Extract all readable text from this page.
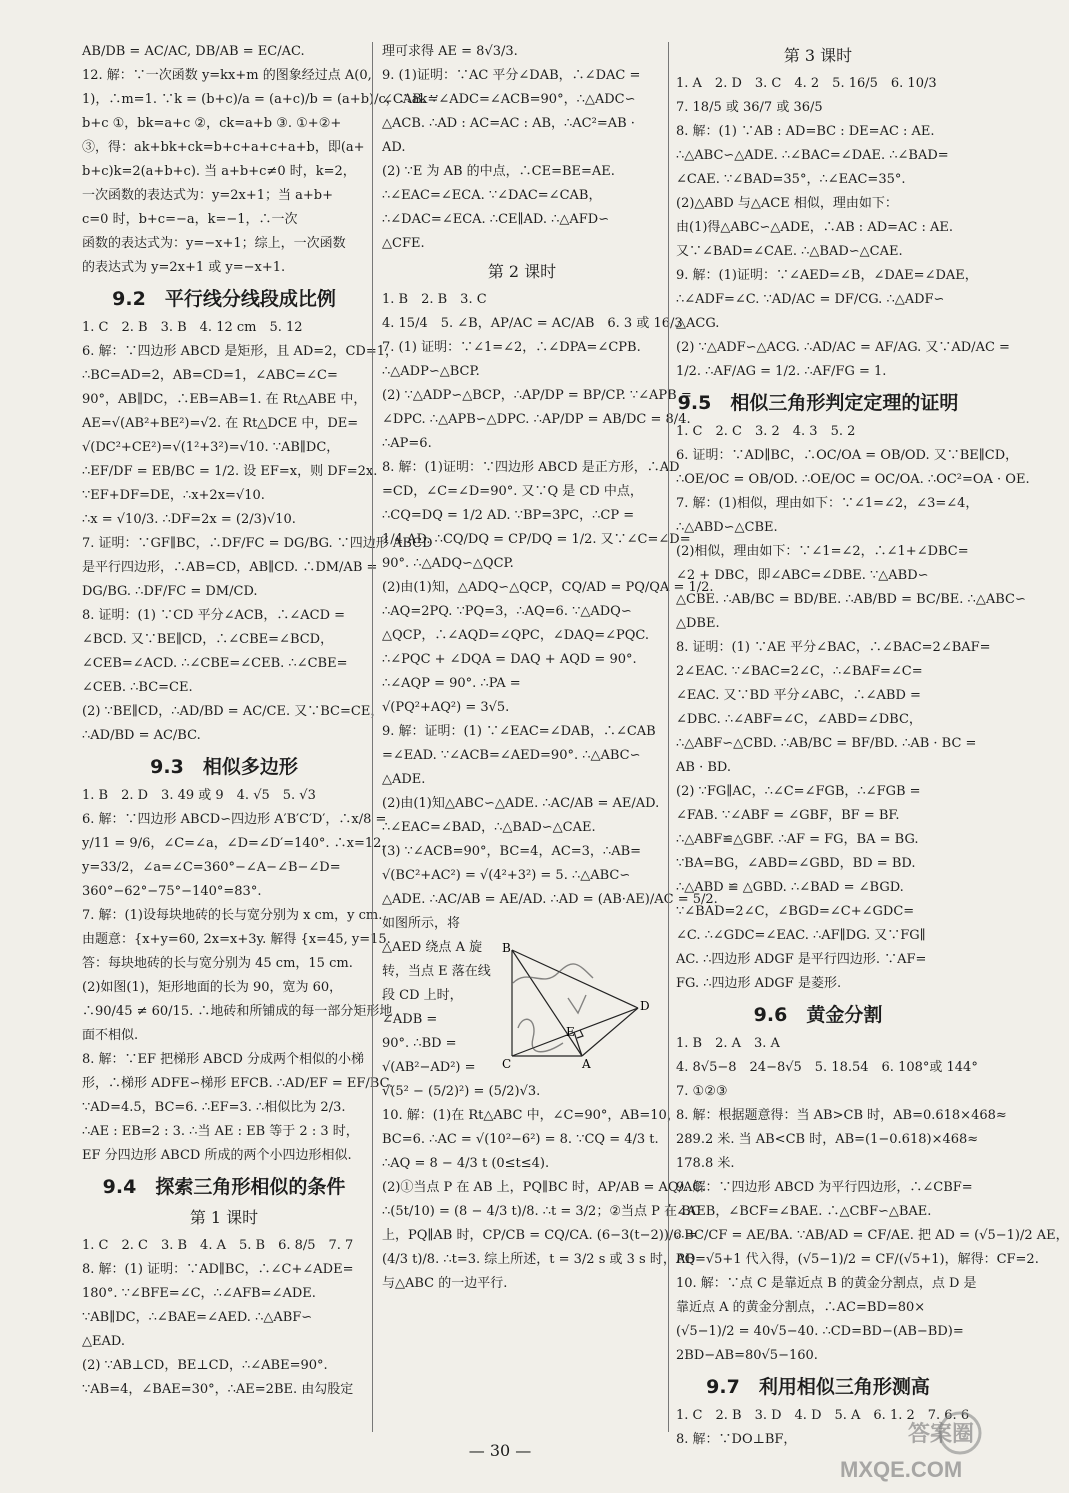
AB/DB = AC/AC, DB/AB = EC/AC.
12. 解：∵一次函数 y=kx+m 的图象经过点 A(0,
1)，∴m=1. ∵k = (b+c)/a = (a+c)/b = (a+b)/c，∴ak=
b+c ①，bk=a+c ②，ck=a+b ③. ①+②+
③，得：ak+bk+ck=b+c+a+c+a+b，即(a+
b+c)k=2(a+b+c). 当 a+b+c≠0 时，k=2，
一次函数的表达式为：y=2x+1；当 a+b+
c=0 时，b+c=−a，k=−1，∴一次
函数的表达式为：y=−x+1；综上，一次函数
的表达式为 y=2x+1 或 y=−x+1.
9.2　平行线分线段成比例
1. C　2. B　3. B　4. 12 cm　5. 12
6. 解：∵四边形 ABCD 是矩形，且 AD=2，CD=1，
∴BC=AD=2，AB=CD=1，∠ABC=∠C=
90°，AB∥DC，∴EB=AB=1. 在 Rt△ABE 中，
AE=√(AB²+BE²)=√2. 在 Rt△DCE 中，DE=
√(DC²+CE²)=√(1²+3²)=√10. ∵AB∥DC，
∴EF/DF = EB/BC = 1/2. 设 EF=x，则 DF=2x.
∵EF+DF=DE，∴x+2x=√10.
∴x = √10/3. ∴DF=2x = (2/3)√10.
7. 证明：∵GF∥BC，∴DF/FC = DG/BG. ∵四边形 ABCD
是平行四边形，∴AB=CD，AB∥CD. ∴DM/AB =
DG/BG. ∴DF/FC = DM/CD.
8. 证明：(1) ∵CD 平分∠ACB，∴∠ACD =
∠BCD. 又∵BE∥CD，∴∠CBE=∠BCD，
∠CEB=∠ACD. ∴∠CBE=∠CEB. ∴∠CBE=
∠CEB. ∴BC=CE.
(2) ∵BE∥CD，∴AD/BD = AC/CE. 又∵BC=CE，
∴AD/BD = AC/BC.
9.3　相似多边形
1. B　2. D　3. 49 或 9　4. √5　5. √3
6. 解：∵四边形 ABCD∽四边形 A′B′C′D′，∴x/8 =
y/11 = 9/6，∠C=∠a，∠D=∠D′=140°. ∴x=12，
y=33/2，∠a=∠C=360°−∠A−∠B−∠D=
360°−62°−75°−140°=83°.
7. 解：(1)设每块地砖的长与宽分别为 x cm，y cm.
由题意：{x+y=60, 2x=x+3y. 解得 {x=45, y=15.
答：每块地砖的长与宽分别为 45 cm，15 cm.
(2)如图(1)，矩形地面的长为 90，宽为 60，
∴90/45 ≠ 60/15. ∴地砖和所铺成的每一部分矩形地
面不相似.
8. 解：∵EF 把梯形 ABCD 分成两个相似的小梯
形，∴梯形 ADFE∽梯形 EFCB. ∴AD/EF = EF/BC.
∵AD=4.5，BC=6. ∴EF=3. ∴相似比为 2/3.
∴AE : EB=2 : 3. ∴当 AE : EB 等于 2 : 3 时，
EF 分四边形 ABCD 所成的两个小四边形相似.
9.4　探索三角形相似的条件
第 1 课时
1. C　2. C　3. B　4. A　5. B　6. 8/5　7. 7
8. 解：(1) 证明：∵AD∥BC，∴∠C+∠ADE=
180°. ∵∠BFE=∠C，∴∠AFB=∠ADE.
∵AB∥DC，∴∠BAE=∠AED. ∴△ABF∽
△EAD.
(2) ∵AB⊥CD，BE⊥CD，∴∠ABE=90°.
∵AB=4，∠BAE=30°，∴AE=2BE. 由勾股定
理可求得 AE = 8√3/3.
9. (1)证明：∵AC 平分∠DAB，∴∠DAC =
∠CAB. ∵∠ADC=∠ACB=90°，∴△ADC∽
△ACB. ∴AD : AC=AC : AB，∴AC²=AB ·
AD.
(2) ∵E 为 AB 的中点，∴CE=BE=AE.
∴∠EAC=∠ECA. ∵∠DAC=∠CAB，
∴∠DAC=∠ECA. ∴CE∥AD. ∴△AFD∽
△CFE.
第 2 课时
1. B　2. B　3. C
4. 15/4　5. ∠B，AP/AC = AC/AB　6. 3 或 16/3
7. (1) 证明：∵∠1=∠2，∴∠DPA=∠CPB.
∴△ADP∽△BCP.
(2) ∵△ADP∽△BCP，∴AP/DP = BP/CP. ∵∠APB =
∠DPC. ∴△APB∽△DPC. ∴AP/DP = AB/DC = 8/4.
∴AP=6.
8. 解：(1)证明：∵四边形 ABCD 是正方形，∴AD
=CD，∠C=∠D=90°. 又∵Q 是 CD 中点，
∴CQ=DQ = 1/2 AD. ∵BP=3PC，∴CP =
1/4 AD. ∴CQ/DQ = CP/DQ = 1/2. 又∵∠C=∠D=
90°. ∴△ADQ∽△QCP.
(2)由(1)知，△ADQ∽△QCP，CQ/AD = PQ/QA = 1/2.
∴AQ=2PQ. ∵PQ=3，∴AQ=6. ∵△ADQ∽
△QCP，∴∠AQD=∠QPC，∠DAQ=∠PQC.
∴∠PQC + ∠DQA = DAQ + AQD = 90°.
∴∠AQP = 90°. ∴PA =
√(PQ²+AQ²) = 3√5.
9. 解：证明：(1) ∵∠EAC=∠DAB，∴∠CAB
=∠EAD. ∵∠ACB=∠AED=90°. ∴△ABC∽
△ADE.
(2)由(1)知△ABC∽△ADE. ∴AC/AB = AE/AD.
∴∠EAC=∠BAD，∴△BAD∽△CAE.
(3) ∵∠ACB=90°，BC=4，AC=3，∴AB=
√(BC²+AC²) = √(4²+3²) = 5. ∴△ABC∽
△ADE. ∴AC/AB = AE/AD. ∴AD = (AB·AE)/AC = 5/2.
如图所示，将
△AED 绕点 A 旋
转，当点 E 落在线
段 CD 上时，
∠ADB =
90°. ∴BD =
√(AB²−AD²) =
√(5² − (5/2)²) = (5/2)√3.
10. 解：(1)在 Rt△ABC 中，∠C=90°，AB=10，
BC=6. ∴AC = √(10²−6²) = 8. ∵CQ = 4/3 t.
∴AQ = 8 − 4/3 t (0≤t≤4).
(2)①当点 P 在 AB 上，PQ∥BC 时，AP/AB = AQ/AC.
∴(5t/10) = (8 − 4/3 t)/8. ∴t = 3/2；②当点 P 在 BC
上，PQ∥AB 时，CP/CB = CQ/CA. (6−3(t−2))/6 =
(4/3 t)/8. ∴t=3. 综上所述，t = 3/2 s 或 3 s 时，PQ
与△ABC 的一边平行.
第 3 课时
1. A　2. D　3. C　4. 2　5. 16/5　6. 10/3
7. 18/5 或 36/7 或 36/5
8. 解：(1) ∵AB : AD=BC : DE=AC : AE.
∴△ABC∽△ADE. ∴∠BAC=∠DAE. ∴∠BAD=
∠CAE. ∵∠BAD=35°，∴∠EAC=35°.
(2)△ABD 与△ACE 相似，理由如下：
由(1)得△ABC∽△ADE，∴AB : AD=AC : AE.
又∵∠BAD=∠CAE. ∴△BAD∽△CAE.
9. 解：(1)证明：∵∠AED=∠B，∠DAE=∠DAE，
∴∠ADF=∠C. ∵AD/AC = DF/CG. ∴△ADF∽
△ACG.
(2) ∵△ADF∽△ACG. ∴AD/AC = AF/AG. 又∵AD/AC =
1/2. ∴AF/AG = 1/2. ∴AF/FG = 1.
9.5　相似三角形判定定理的证明
1. C　2. C　3. 2　4. 3　5. 2
6. 证明：∵AD∥BC，∴OC/OA = OB/OD. 又∵BE∥CD，
∴OE/OC = OB/OD. ∴OE/OC = OC/OA. ∴OC²=OA · OE.
7. 解：(1)相似，理由如下：∵∠1=∠2，∠3=∠4，
∴△ABD∽△CBE.
(2)相似，理由如下：∵∠1=∠2，∴∠1+∠DBC=
∠2 + DBC，即∠ABC=∠DBE. ∵△ABD∽
△CBE. ∴AB/BC = BD/BE. ∴AB/BD = BC/BE. ∴△ABC∽
△DBE.
8. 证明：(1) ∵AE 平分∠BAC，∴∠BAC=2∠BAF=
2∠EAC. ∵∠BAC=2∠C，∴∠BAF=∠C=
∠EAC. 又∵BD 平分∠ABC，∴∠ABD =
∠DBC. ∴∠ABF=∠C，∠ABD=∠DBC，
∴△ABF∽△CBD. ∴AB/BC = BF/BD. ∴AB · BC =
AB · BD.
(2) ∵FG∥AC，∴∠C=∠FGB，∴∠FGB =
∠FAB. ∵∠ABF = ∠GBF，BF = BF.
∴△ABF≌△GBF. ∴AF = FG，BA = BG.
∵BA=BG，∠ABD=∠GBD，BD = BD.
∴△ABD ≌ △GBD. ∴∠BAD = ∠BGD.
∵∠BAD=2∠C，∠BGD=∠C+∠GDC=
∠C. ∴∠GDC=∠EAC. ∴AF∥DG. 又∵FG∥
AC. ∴四边形 ADGF 是平行四边形. ∵AF=
FG. ∴四边形 ADGF 是菱形.
9.6　黄金分割
1. B　2. A　3. A
4. 8√5−8　24−8√5　5. 18.54　6. 108°或 144°
7. ①②③
8. 解：根据题意得：当 AB>CB 时，AB=0.618×468≈
289.2 米. 当 AB<CB 时，AB=(1−0.618)×468≈
178.8 米.
9. 解：∵四边形 ABCD 为平行四边形，∴∠CBF=
∠AEB，∠BCF=∠BAE. ∴△CBF∽△BAE.
∴BC/CF = AE/BA. ∵AB/AD = CF/AE. 把 AD = (√5−1)/2 AE，
AB=√5+1 代入得，(√5−1)/2 = CF/(√5+1)，解得：CF=2.
10. 解：∵点 C 是靠近点 B 的黄金分割点，点 D 是
靠近点 A 的黄金分割点，∴AC=BD=80×
(√5−1)/2 = 40√5−40. ∴CD=BD−(AB−BD)=
2BD−AB=80√5−160.
9.7　利用相似三角形测高
1. C　2. B　3. D　4. D　5. A　6. 1. 2　7. 6. 6
8. 解：∵DO⊥BF，
B
E
D
C	A
— 30 —
答案圈
MXQE.COM
